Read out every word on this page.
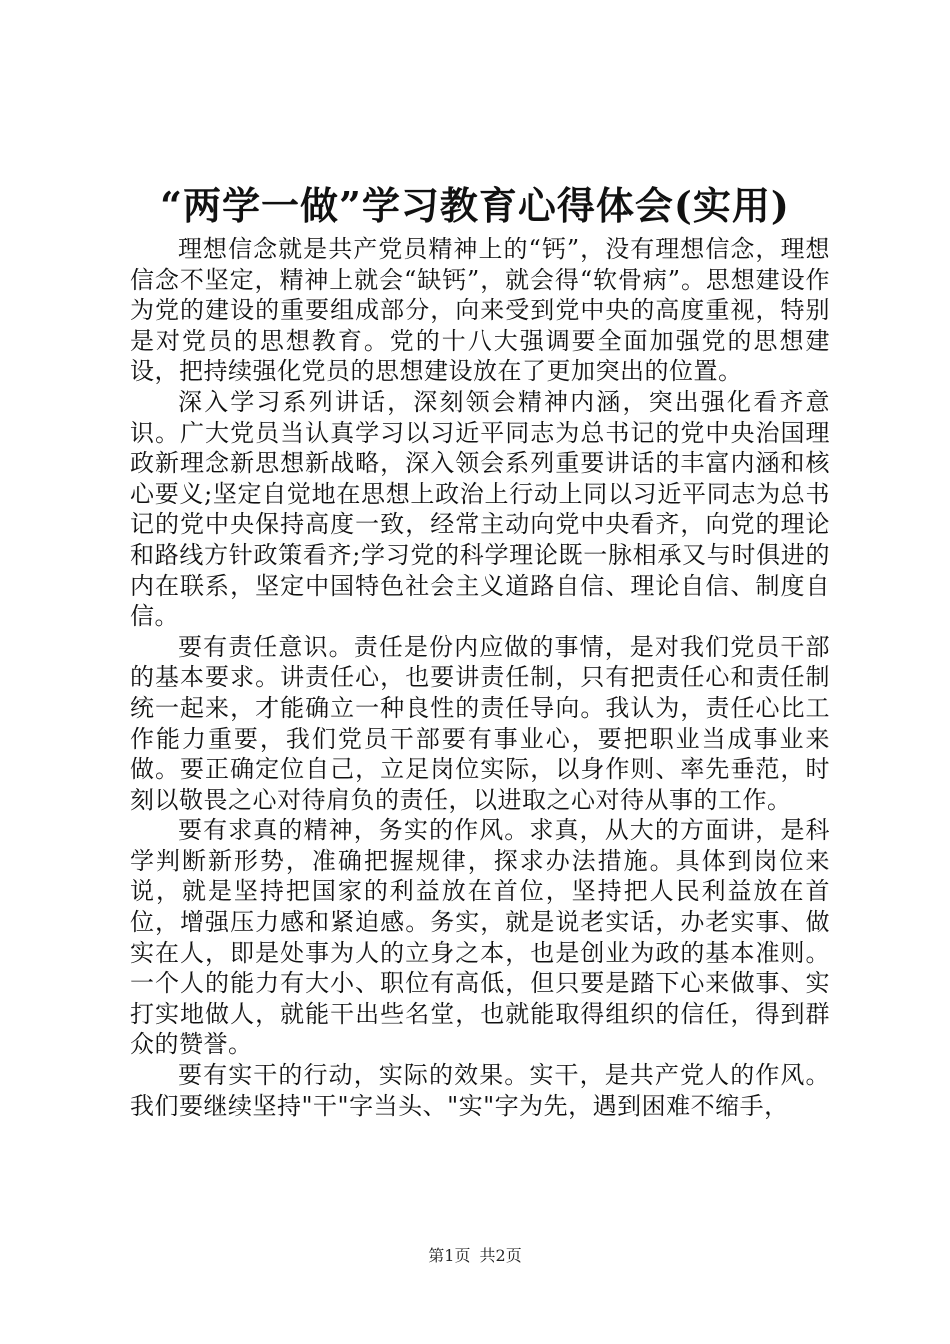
“两学一做”学习教育心得体会(实用)

理想信念就是共产党员精神上的“钙”，没有理想信念，理想信念不坚定，精神上就会“缺钙”，就会得“软骨病”。思想建设作为党的建设的重要组成部分，向来受到党中央的高度重视，特别是对党员的思想教育。党的十八大强调要全面加强党的思想建设，把持续强化党员的思想建设放在了更加突出的位置。

深入学习系列讲话，深刻领会精神内涵，突出强化看齐意识。广大党员当认真学习以习近平同志为总书记的党中央治国理政新理念新思想新战略，深入领会系列重要讲话的丰富内涵和核心要义;坚定自觉地在思想上政治上行动上同以习近平同志为总书记的党中央保持高度一致，经常主动向党中央看齐，向党的理论和路线方针政策看齐;学习党的科学理论既一脉相承又与时俱进的内在联系，坚定中国特色社会主义道路自信、理论自信、制度自信。

要有责任意识。责任是份内应做的事情，是对我们党员干部的基本要求。讲责任心，也要讲责任制，只有把责任心和责任制统一起来，才能确立一种良性的责任导向。我认为，责任心比工作能力重要，我们党员干部要有事业心，要把职业当成事业来做。要正确定位自己，立足岗位实际，以身作则、率先垂范，时刻以敬畏之心对待肩负的责任，以进取之心对待从事的工作。

要有求真的精神，务实的作风。求真，从大的方面讲，是科学判断新形势，准确把握规律，探求办法措施。具体到岗位来说，就是坚持把国家的利益放在首位，坚持把人民利益放在首位，增强压力感和紧迫感。务实，就是说老实话，办老实事、做实在人，即是处事为人的立身之本，也是创业为政的基本准则。一个人的能力有大小、职位有高低，但只要是踏下心来做事、实打实地做人，就能干出些名堂，也就能取得组织的信任，得到群众的赞誉。

要有实干的行动，实际的效果。实干，是共产党人的作风。我们要继续坚持"干"字当头、"实"字为先，遇到困难不缩手，

第1页 共2页
